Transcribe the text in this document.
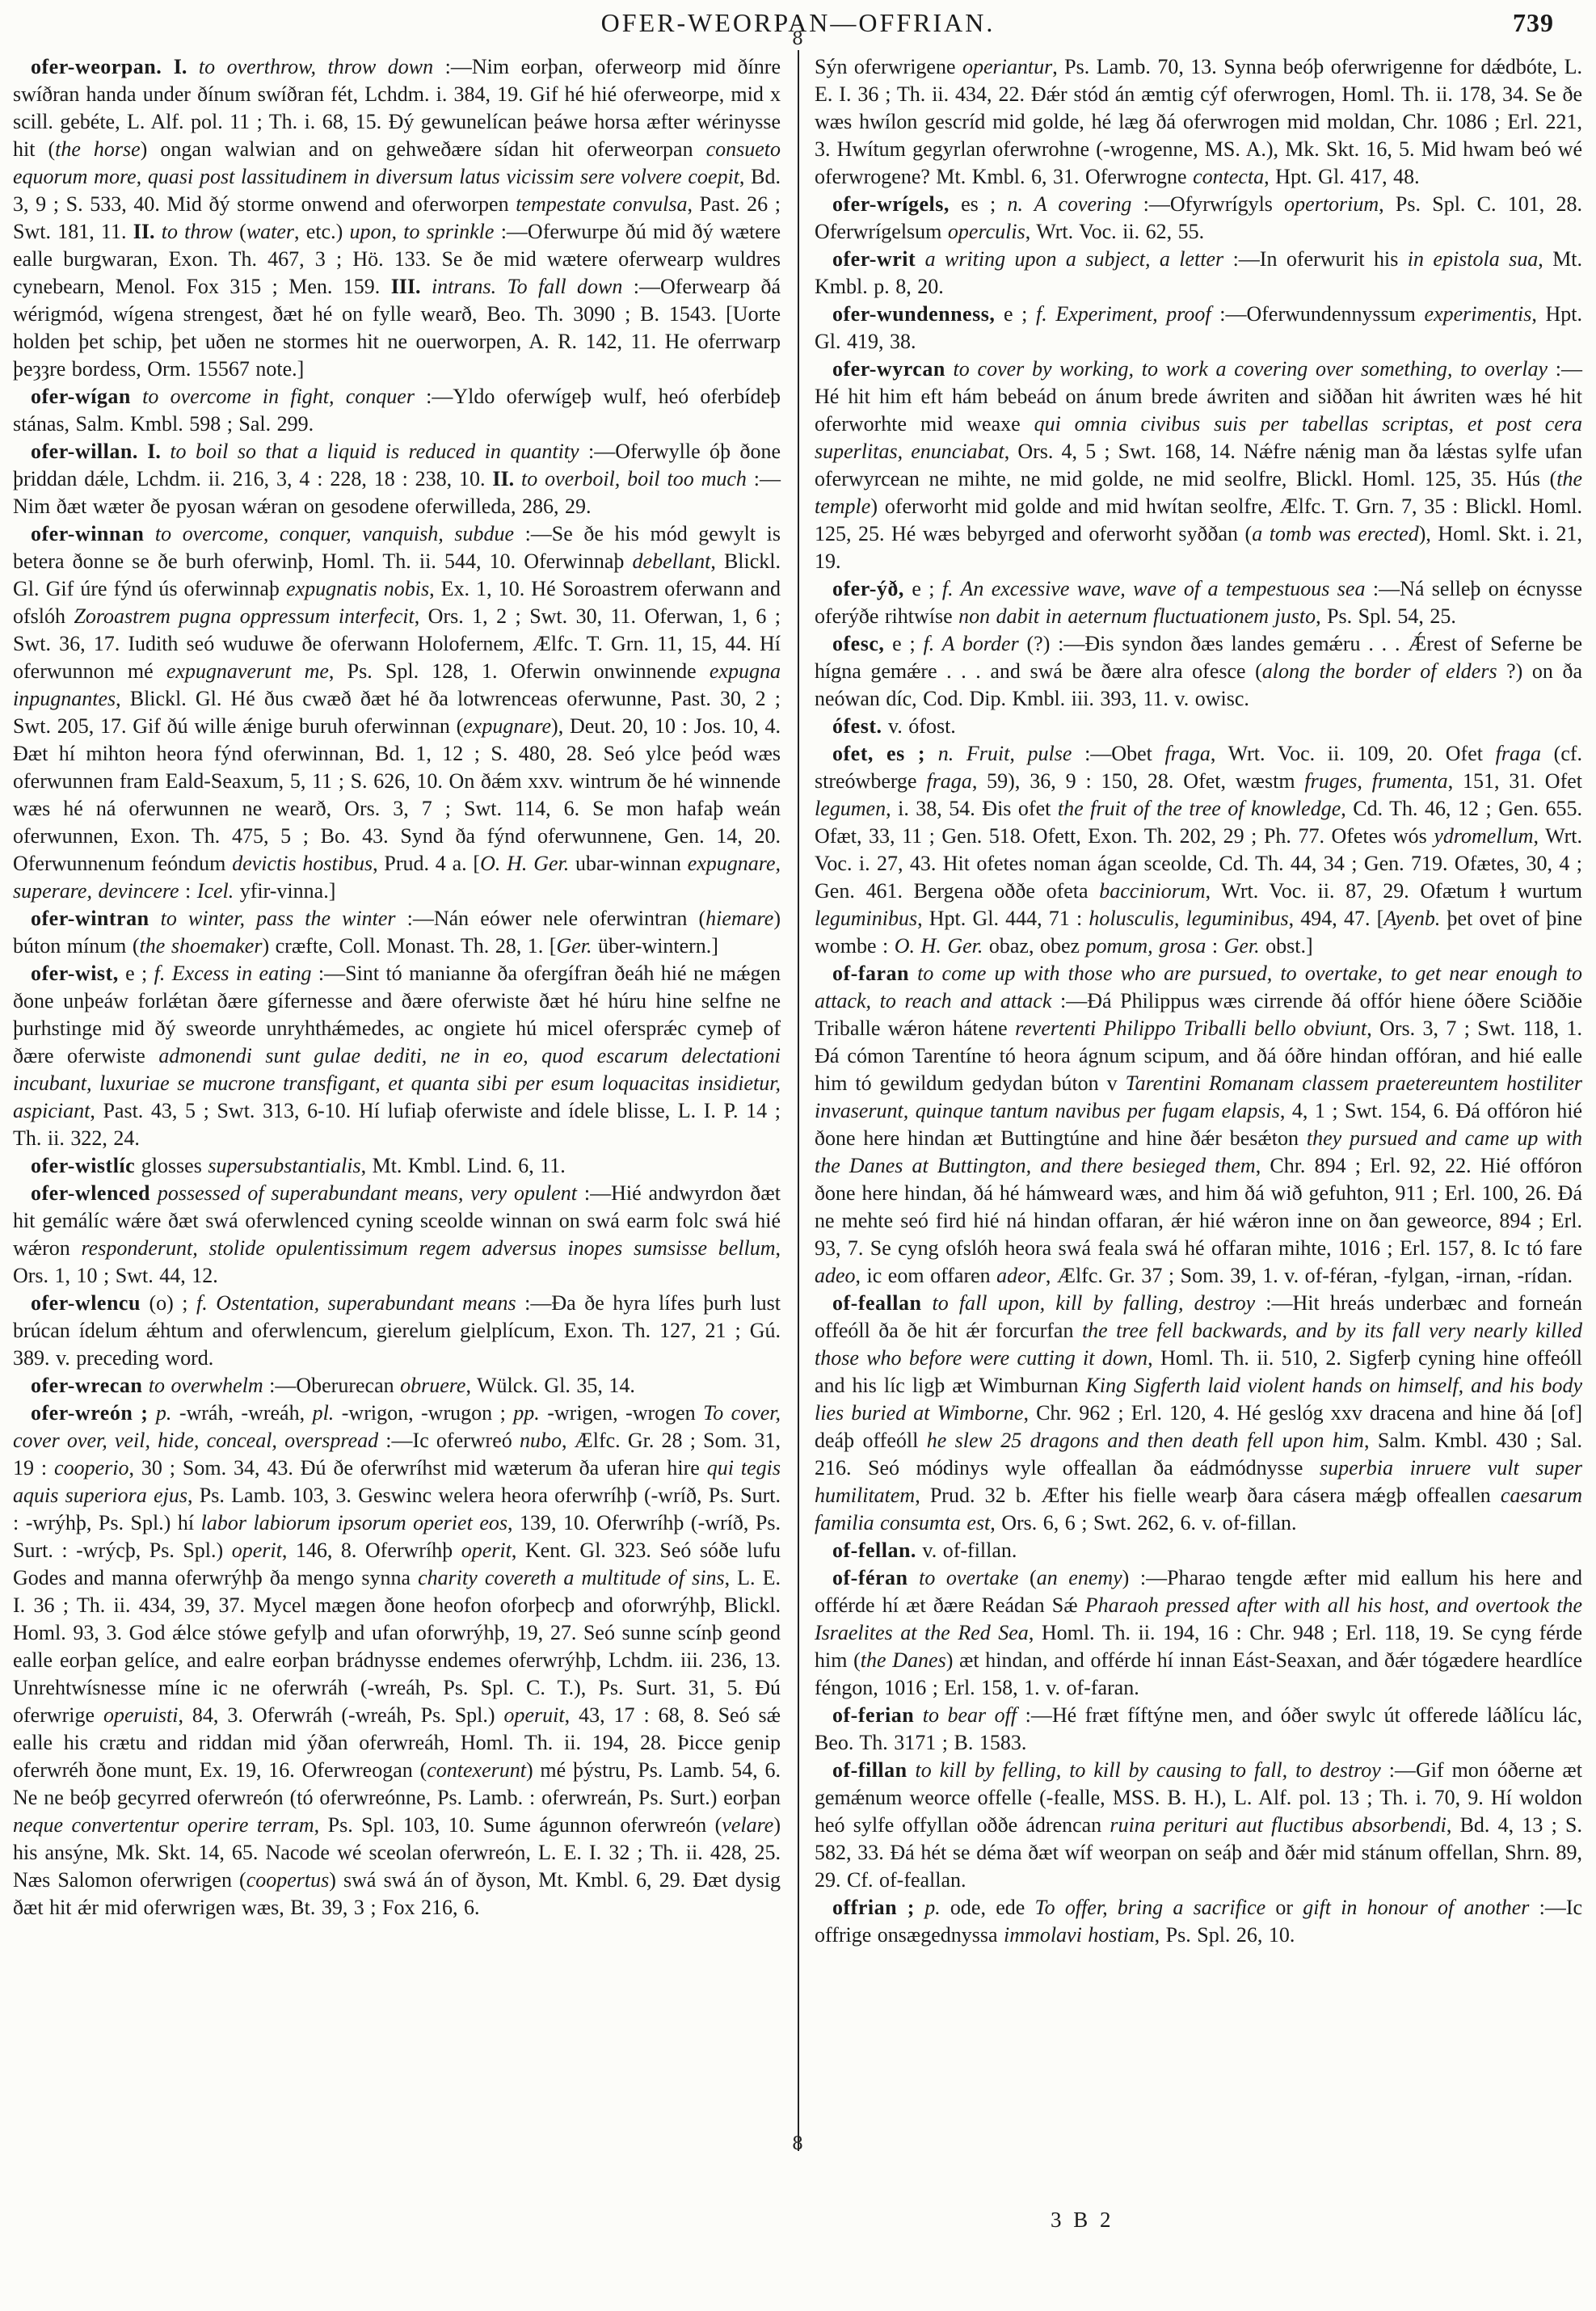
OFER-WEORPAN—OFFRIAN.	739
8 8

ofer-weorpan. I. to overthrow, throw down :—Nim eorþan, oferweorp mid ðínre swíðran handa under ðínum swíðran fét, Lchdm. i. 384, 19. Gif hé hié oferweorpe, mid x scill. gebéte, L. Alf. pol. 11 ; Th. i. 68, 15. Ðý gewunelícan þeáwe horsa æfter wérinysse hit (the horse) ongan walwian and on gehweðære sídan hit oferweorpan consueto equorum more, quasi post lassitudinem in diversum latus vicissim sere volvere coepit, Bd. 3, 9 ; S. 533, 40. Mid ðý storme onwend and oferworpen tempestate convulsa, Past. 26 ; Swt. 181, 11. II. to throw (water, etc.) upon, to sprinkle :—Oferwurpe ðú mid ðý wætere ealle burgwaran, Exon. Th. 467, 3 ; Hö. 133. Se ðe mid wætere oferwearp wuldres cynebearn, Menol. Fox 315 ; Men. 159. III. intrans. To fall down :—Oferwearp ðá wérigmód, wígena strengest, ðæt hé on fylle wearð, Beo. Th. 3090 ; B. 1543. [Uorte holden þet schip, þet uðen ne stormes hit ne ouerworpen, A. R. 142, 11. He oferrwarp þeȝȝre bordess, Orm. 15567 note.]

ofer-wígan to overcome in fight, conquer :—Yldo oferwígeþ wulf, heó oferbídeþ stánas, Salm. Kmbl. 598 ; Sal. 299.

ofer-willan. I. to boil so that a liquid is reduced in quantity :—Oferwylle óþ ðone þriddan dǽle, Lchdm. ii. 216, 3, 4 : 228, 18 : 238, 10. II. to overboil, boil too much :—Nim ðæt wæter ðe pyosan wǽran on gesodene oferwilleda, 286, 29.

ofer-winnan to overcome, conquer, vanquish, subdue :—Se ðe his mód gewylt is betera ðonne se ðe burh oferwinþ, Homl. Th. ii. 544, 10. Oferwinnaþ debellant, Blickl. Gl. Gif úre fýnd ús oferwinnaþ expugnatis nobis, Ex. 1, 10. Hé Soroastrem oferwann and ofslóh Zoroastrem pugna oppressum interfecit, Ors. 1, 2 ; Swt. 30, 11. Oferwan, 1, 6 ; Swt. 36, 17. Iudith seó wuduwe ðe oferwann Holofernem, Ælfc. T. Grn. 11, 15, 44. Hí oferwunnon mé expugnaverunt me, Ps. Spl. 128, 1. Oferwin onwinnende expugna inpugnantes, Blickl. Gl. Hé ðus cwæð ðæt hé ða lotwrenceas oferwunne, Past. 30, 2 ; Swt. 205, 17. Gif ðú wille ǽnige buruh oferwinnan (expugnare), Deut. 20, 10 : Jos. 10, 4. Ðæt hí mihton heora fýnd oferwinnan, Bd. 1, 12 ; S. 480, 28. Seó ylce þeód wæs oferwunnen fram Eald-Seaxum, 5, 11 ; S. 626, 10. On ðǽm xxv. wintrum ðe hé winnende wæs hé ná oferwunnen ne wearð, Ors. 3, 7 ; Swt. 114, 6. Se mon hafaþ weán oferwunnen, Exon. Th. 475, 5 ; Bo. 43. Synd ða fýnd oferwunnene, Gen. 14, 20. Oferwunnenum feóndum devictis hostibus, Prud. 4 a. [O. H. Ger. ubar-winnan expugnare, superare, devincere : Icel. yfir-vinna.]

ofer-wintran to winter, pass the winter :—Nán eówer nele oferwintran (hiemare) búton mínum (the shoemaker) cræfte, Coll. Monast. Th. 28, 1. [Ger. über-wintern.]

ofer-wist, e ; f. Excess in eating :—Sint tó manianne ða ofergífran ðeáh hié ne mǽgen ðone unþeáw forlǽtan ðære gífernesse and ðære oferwiste ðæt hé húru hine selfne ne þurhstinge mid ðý sweorde unryhthǽmedes, ac ongiete hú micel ofersprǽc cymeþ of ðære oferwiste admonendi sunt gulae dediti, ne in eo, quod escarum delectationi incubant, luxuriae se mucrone transfigant, et quanta sibi per esum loquacitas insidietur, aspiciant, Past. 43, 5 ; Swt. 313, 6-10. Hí lufiaþ oferwiste and ídele blisse, L. I. P. 14 ; Th. ii. 322, 24.

ofer-wistlíc glosses supersubstantialis, Mt. Kmbl. Lind. 6, 11.

ofer-wlenced possessed of superabundant means, very opulent :—Hié andwyrdon ðæt hit gemálíc wǽre ðæt swá oferwlenced cyning sceolde winnan on swá earm folc swá hié wǽron responderunt, stolide opulentissimum regem adversus inopes sumsisse bellum, Ors. 1, 10 ; Swt. 44, 12.

ofer-wlencu (o) ; f. Ostentation, superabundant means :—Ða ðe hyra lífes þurh lust brúcan ídelum ǽhtum and oferwlencum, gierelum gielplícum, Exon. Th. 127, 21 ; Gú. 389. v. preceding word.

ofer-wrecan to overwhelm :—Oberurecan obruere, Wülck. Gl. 35, 14.

ofer-wreón ; p. -wráh, -wreáh, pl. -wrigon, -wrugon ; pp. -wrigen, -wrogen To cover, cover over, veil, hide, conceal, overspread :—Ic oferwreó nubo, Ælfc. Gr. 28 ; Som. 31, 19 : cooperio, 30 ; Som. 34, 43. Ðú ðe oferwríhst mid wæterum ða uferan hire qui tegis aquis superiora ejus, Ps. Lamb. 103, 3. Geswinc welera heora oferwríhþ (-wríð, Ps. Surt. : -wrýhþ, Ps. Spl.) hí labor labiorum ipsorum operiet eos, 139, 10. Oferwríhþ (-wríð, Ps. Surt. : -wrýcþ, Ps. Spl.) operit, 146, 8. Oferwríhþ operit, Kent. Gl. 323. Seó sóðe lufu Godes and manna oferwrýhþ ða mengo synna charity covereth a multitude of sins, L. E. I. 36 ; Th. ii. 434, 39, 37. Mycel mægen ðone heofon oforþecþ and oforwrýhþ, Blickl. Homl. 93, 3. God ǽlce stówe gefylþ and ufan oforwrýhþ, 19, 27. Seó sunne scínþ geond ealle eorþan gelíce, and ealre eorþan brádnysse endemes oferwrýhþ, Lchdm. iii. 236, 13. Unrehtwísnesse míne ic ne oferwráh (-wreáh, Ps. Spl. C. T.), Ps. Surt. 31, 5. Ðú oferwrige operuisti, 84, 3. Oferwráh (-wreáh, Ps. Spl.) operuit, 43, 17 : 68, 8. Seó sǽ ealle his crætu and riddan mid ýðan oferwreáh, Homl. Th. ii. 194, 28. Þicce genip oferwréh ðone munt, Ex. 19, 16. Oferwreogan (contexerunt) mé þýstru, Ps. Lamb. 54, 6. Ne ne beóþ gecyrred oferwreón (tó oferwreónne, Ps. Lamb. : oferwreán, Ps. Surt.) eorþan neque convertentur operire terram, Ps. Spl. 103, 10. Sume águnnon oferwreón (velare) his ansýne, Mk. Skt. 14, 65. Nacode wé sceolan oferwreón, L. E. I. 32 ; Th. ii. 428, 25. Næs Salomon oferwrigen (coopertus) swá swá án of ðyson, Mt. Kmbl. 6, 29. Ðæt dysig ðæt hit ǽr mid oferwrigen wæs, Bt. 39, 3 ; Fox 216, 6.

Sýn oferwrigene operiantur, Ps. Lamb. 70, 13. Synna beóþ oferwrigenne for dǽdbóte, L. E. I. 36 ; Th. ii. 434, 22. Ðǽr stód án æmtig cýf oferwrogen, Homl. Th. ii. 178, 34. Se ðe wæs hwílon gescríd mid golde, hé læg ðá oferwrogen mid moldan, Chr. 1086 ; Erl. 221, 3. Hwítum gegyrlan oferwrohne (-wrogenne, MS. A.), Mk. Skt. 16, 5. Mid hwam beó wé oferwrogene? Mt. Kmbl. 6, 31. Oferwrogne contecta, Hpt. Gl. 417, 48.

ofer-wrígels, es ; n. A covering :—Ofyrwrígyls opertorium, Ps. Spl. C. 101, 28. Oferwrígelsum operculis, Wrt. Voc. ii. 62, 55.

ofer-writ a writing upon a subject, a letter :—In oferwurit his in epistola sua, Mt. Kmbl. p. 8, 20.

ofer-wundenness, e ; f. Experiment, proof :—Oferwundennyssum experimentis, Hpt. Gl. 419, 38.

ofer-wyrcan to cover by working, to work a covering over something, to overlay :—Hé hit him eft hám bebeád on ánum brede áwriten and siððan hit áwriten wæs hé hit oferworhte mid weaxe qui omnia civibus suis per tabellas scriptas, et post cera superlitas, enunciabat, Ors. 4, 5 ; Swt. 168, 14. Nǽfre nǽnig man ða lǽstas sylfe ufan oferwyrcean ne mihte, ne mid golde, ne mid seolfre, Blickl. Homl. 125, 35. Hús (the temple) oferworht mid golde and mid hwítan seolfre, Ælfc. T. Grn. 7, 35 : Blickl. Homl. 125, 25. Hé wæs bebyrged and oferworht syððan (a tomb was erected), Homl. Skt. i. 21, 19.

ofer-ýð, e ; f. An excessive wave, wave of a tempestuous sea :—Ná selleþ on écnysse oferýðe rihtwíse non dabit in aeternum fluctuationem justo, Ps. Spl. 54, 25.

ofesc, e ; f. A border (?) :—Ðis syndon ðæs landes gemǽru . . . Ǽrest of Seferne be hígna gemǽre . . . and swá be ðære alra ofesce (along the border of elders ?) on ða neówan díc, Cod. Dip. Kmbl. iii. 393, 11. v. owisc.

ófest. v. ófost.

ofet, es ; n. Fruit, pulse :—Obet fraga, Wrt. Voc. ii. 109, 20. Ofet fraga (cf. streówberge fraga, 59), 36, 9 : 150, 28. Ofet, wæstm fruges, frumenta, 151, 31. Ofet legumen, i. 38, 54. Ðis ofet the fruit of the tree of knowledge, Cd. Th. 46, 12 ; Gen. 655. Ofæt, 33, 11 ; Gen. 518. Ofett, Exon. Th. 202, 29 ; Ph. 77. Ofetes wós ydromellum, Wrt. Voc. i. 27, 43. Hit ofetes noman ágan sceolde, Cd. Th. 44, 34 ; Gen. 719. Ofætes, 30, 4 ; Gen. 461. Bergena oððe ofeta bacciniorum, Wrt. Voc. ii. 87, 29. Ofætum ł wurtum leguminibus, Hpt. Gl. 444, 71 : holusculis, leguminibus, 494, 47. [Ayenb. þet ovet of þine wombe : O. H. Ger. obaz, obez pomum, grosa : Ger. obst.]

of-faran to come up with those who are pursued, to overtake, to get near enough to attack, to reach and attack :—Ðá Philippus wæs cirrende ðá offór hiene óðere Sciððie Triballe wǽron hátene revertenti Philippo Triballi bello obviunt, Ors. 3, 7 ; Swt. 118, 1. Ðá cómon Tarentíne tó heora ágnum scipum, and ðá óðre hindan offóran, and hié ealle him tó gewildum gedydan búton v Tarentini Romanam classem praetereuntem hostiliter invaserunt, quinque tantum navibus per fugam elapsis, 4, 1 ; Swt. 154, 6. Ðá offóron hié ðone here hindan æt Buttingtúne and hine ðǽr besǽton they pursued and came up with the Danes at Buttington, and there besieged them, Chr. 894 ; Erl. 92, 22. Hié offóron ðone here hindan, ðá hé hámweard wæs, and him ðá wið gefuhton, 911 ; Erl. 100, 26. Ðá ne mehte seó fird hié ná hindan offaran, ǽr hié wǽron inne on ðan geweorce, 894 ; Erl. 93, 7. Se cyng ofslóh heora swá feala swá hé offaran mihte, 1016 ; Erl. 157, 8. Ic tó fare adeo, ic eom offaren adeor, Ælfc. Gr. 37 ; Som. 39, 1. v. of-féran, -fylgan, -irnan, -rídan.

of-feallan to fall upon, kill by falling, destroy :—Hit hreás underbæc and forneán offeóll ða ðe hit ǽr forcurfan the tree fell backwards, and by its fall very nearly killed those who before were cutting it down, Homl. Th. ii. 510, 2. Sigferþ cyning hine offeóll and his líc ligþ æt Wimburnan King Sigferth laid violent hands on himself, and his body lies buried at Wimborne, Chr. 962 ; Erl. 120, 4. Hé geslóg xxv dracena and hine ðá [of] deáþ offeóll he slew 25 dragons and then death fell upon him, Salm. Kmbl. 430 ; Sal. 216. Seó módinys wyle offeallan ða eádmódnysse superbia inruere vult super humilitatem, Prud. 32 b. Æfter his fielle wearþ ðara cásera mǽgþ offeallen caesarum familia consumta est, Ors. 6, 6 ; Swt. 262, 6. v. of-fillan.

of-fellan. v. of-fillan.

of-féran to overtake (an enemy) :—Pharao tengde æfter mid eallum his here and offérde hí æt ðære Reádan Sǽ Pharaoh pressed after with all his host, and overtook the Israelites at the Red Sea, Homl. Th. ii. 194, 16 : Chr. 948 ; Erl. 118, 19. Se cyng férde him (the Danes) æt hindan, and offérde hí innan Eást-Seaxan, and ðǽr tógædere heardlíce féngon, 1016 ; Erl. 158, 1. v. of-faran.

of-ferian to bear off :—Hé fræt fíftýne men, and óðer swylc út offerede láðlícu lác, Beo. Th. 3171 ; B. 1583.

of-fillan to kill by felling, to kill by causing to fall, to destroy :—Gif mon óðerne æt gemǽnum weorce offelle (-fealle, MSS. B. H.), L. Alf. pol. 13 ; Th. i. 70, 9. Hí woldon heó sylfe offyllan oððe ádrencan ruina perituri aut fluctibus absorbendi, Bd. 4, 13 ; S. 582, 33. Ðá hét se déma ðæt wíf weorpan on seáþ and ðǽr mid stánum offellan, Shrn. 89, 29. Cf. of-feallan.

offrian ; p. ode, ede To offer, bring a sacrifice or gift in honour of another :—Ic offrige onsægednyssa immolavi hostiam, Ps. Spl. 26, 10.

3 B 2
